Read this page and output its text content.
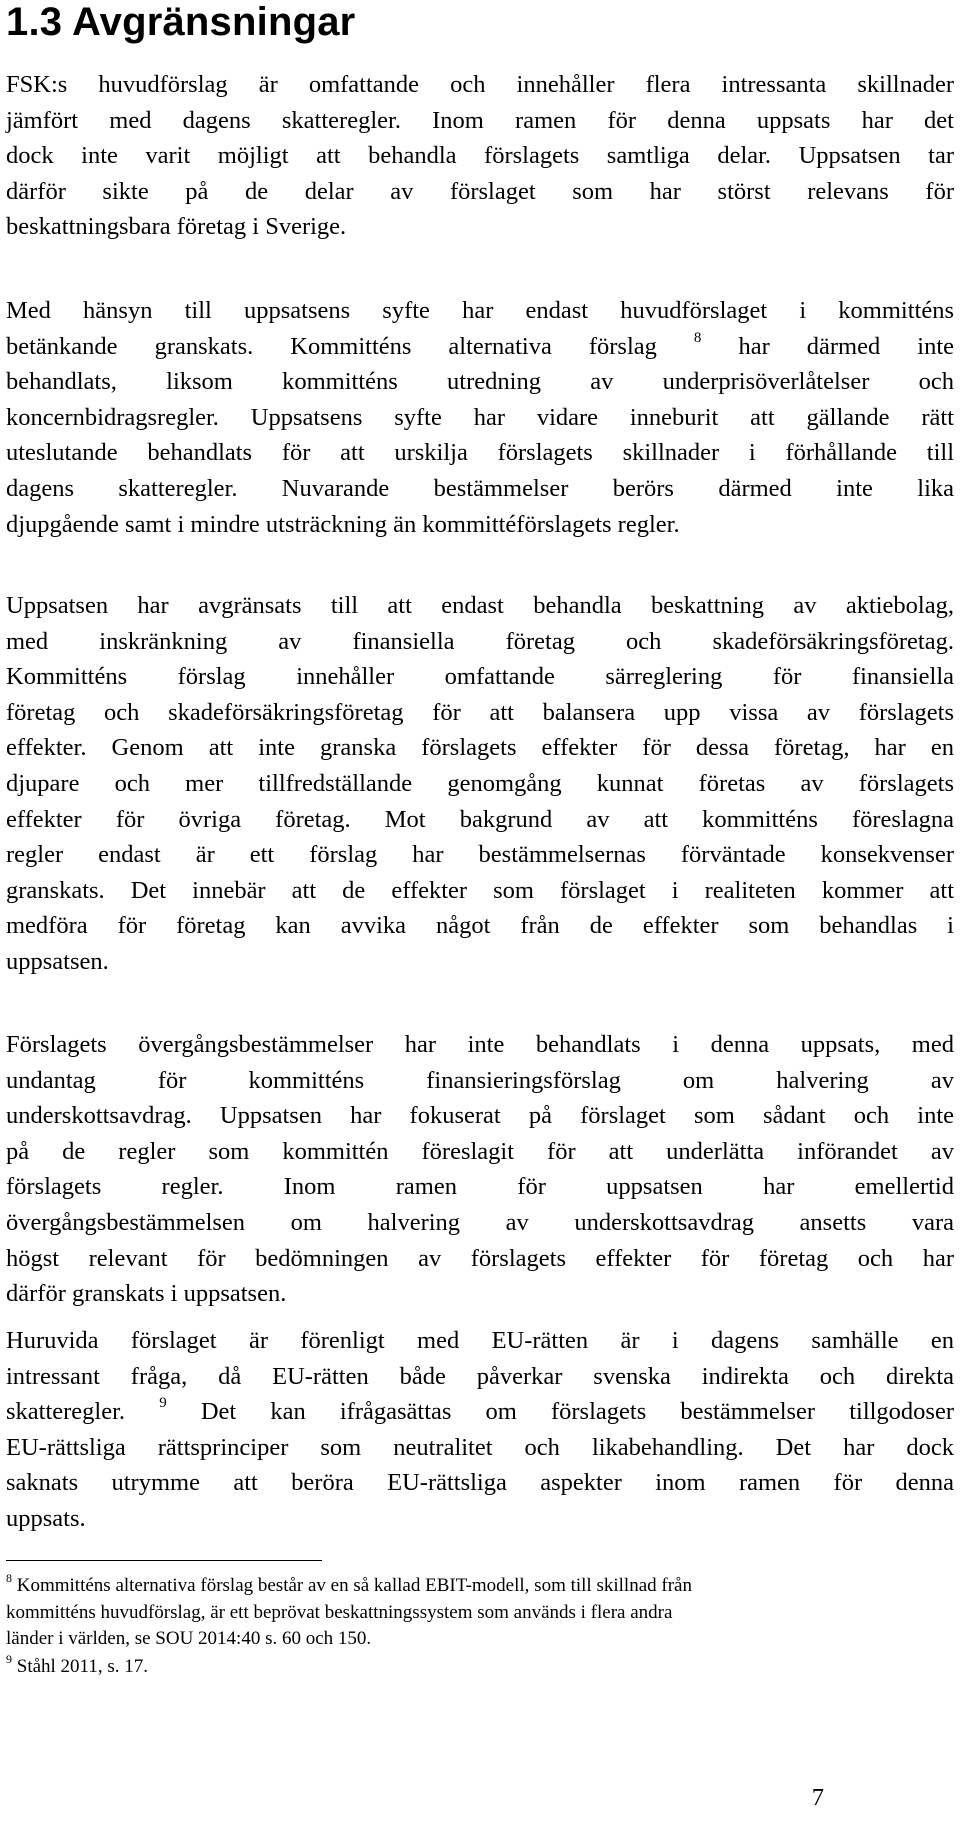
1.3 Avgränsningar

FSK:s huvudförslag är omfattande och innehåller flera intressanta skillnader
jämfört med dagens skatteregler. Inom ramen för denna uppsats har det
dock inte varit möjligt att behandla förslagets samtliga delar. Uppsatsen tar
därför sikte på de delar av förslaget som har störst relevans för
beskattningsbara företag i Sverige.

Med hänsyn till uppsatsens syfte har endast huvudförslaget i kommitténs
betänkande granskats. Kommitténs alternativa förslag $^8$ har därmed inte
behandlats, liksom kommitténs utredning av underprisöverlåtelser och
koncernbidragsregler. Uppsatsens syfte har vidare inneburit att gällande rätt
uteslutande behandlats för att urskilja förslagets skillnader i förhållande till
dagens skatteregler. Nuvarande bestämmelser berörs därmed inte lika
djupgående samt i mindre utsträckning än kommittéförslagets regler.

Uppsatsen har avgränsats till att endast behandla beskattning av aktiebolag,
med inskränkning av finansiella företag och skadeförsäkringsföretag.
Kommitténs förslag innehåller omfattande särreglering för finansiella
företag och skadeförsäkringsföretag för att balansera upp vissa av förslagets
effekter. Genom att inte granska förslagets effekter för dessa företag, har en
djupare och mer tillfredställande genomgång kunnat företas av förslagets
effekter för övriga företag. Mot bakgrund av att kommitténs föreslagna
regler endast är ett förslag har bestämmelsernas förväntade konsekvenser
granskats. Det innebär att de effekter som förslaget i realiteten kommer att
medföra för företag kan avvika något från de effekter som behandlas i
uppsatsen.

Förslagets övergångsbestämmelser har inte behandlats i denna uppsats, med
undantag för kommitténs finansieringsförslag om halvering av
underskottsavdrag. Uppsatsen har fokuserat på förslaget som sådant och inte
på de regler som kommittén föreslagit för att underlätta införandet av
förslagets regler. Inom ramen för uppsatsen har emellertid
övergångsbestämmelsen om halvering av underskottsavdrag ansetts vara
högst relevant för bedömningen av förslagets effekter för företag och har
därför granskats i uppsatsen.

Huruvida förslaget är förenligt med EU-rätten är i dagens samhälle en
intressant fråga, då EU-rätten både påverkar svenska indirekta och direkta
skatteregler. $^9$ Det kan ifrågasättas om förslagets bestämmelser tillgodoser
EU-rättsliga rättsprinciper som neutralitet och likabehandling. Det har dock
saknats utrymme att beröra EU-rättsliga aspekter inom ramen för denna
uppsats.

$^8$ Kommitténs alternativa förslag består av en så kallad EBIT-modell, som till skillnad från
kommitténs huvudförslag, är ett beprövat beskattningssystem som används i flera andra
länder i världen, se SOU 2014:40 s. 60 och 150.
$^9$ Ståhl 2011, s. 17.
7
